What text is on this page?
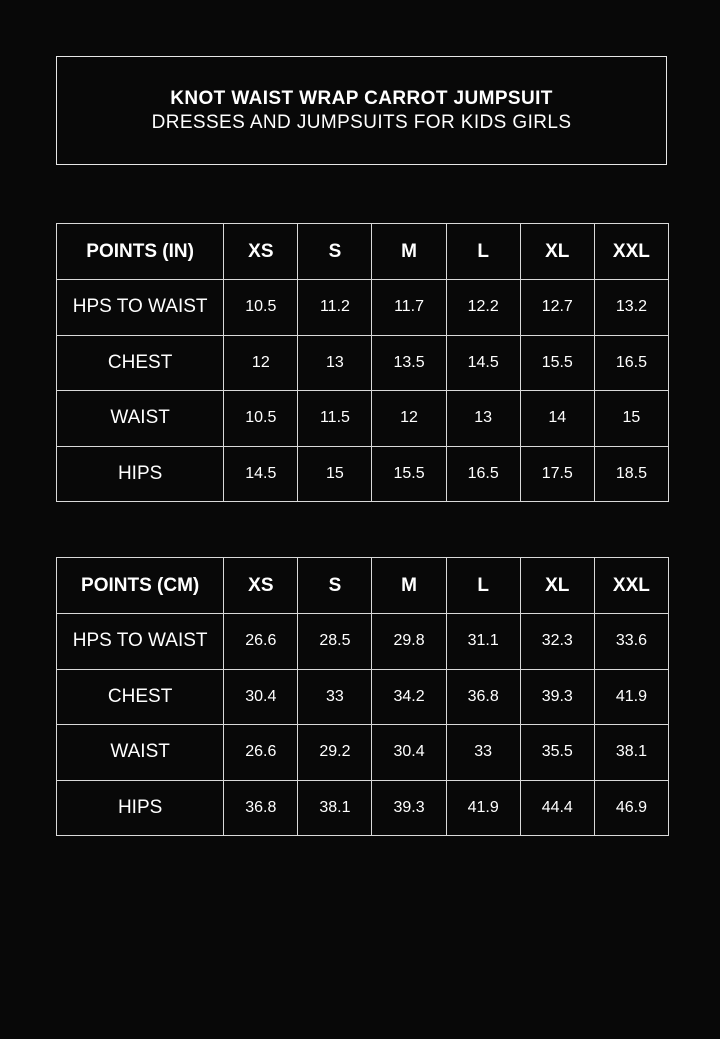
KNOT WAIST WRAP CARROT JUMPSUIT
DRESSES AND JUMPSUITS FOR KIDS GIRLS
POINTS (IN)	XS	S	M	L	XL	XXL
HPS TO WAIST	10.5	11.2	11.7	12.2	12.7	13.2
CHEST	12	13	13.5	14.5	15.5	16.5
WAIST	10.5	11.5	12	13	14	15
HIPS	14.5	15	15.5	16.5	17.5	18.5
POINTS (CM)	XS	S	M	L	XL	XXL
HPS TO WAIST	26.6	28.5	29.8	31.1	32.3	33.6
CHEST	30.4	33	34.2	36.8	39.3	41.9
WAIST	26.6	29.2	30.4	33	35.5	38.1
HIPS	36.8	38.1	39.3	41.9	44.4	46.9
